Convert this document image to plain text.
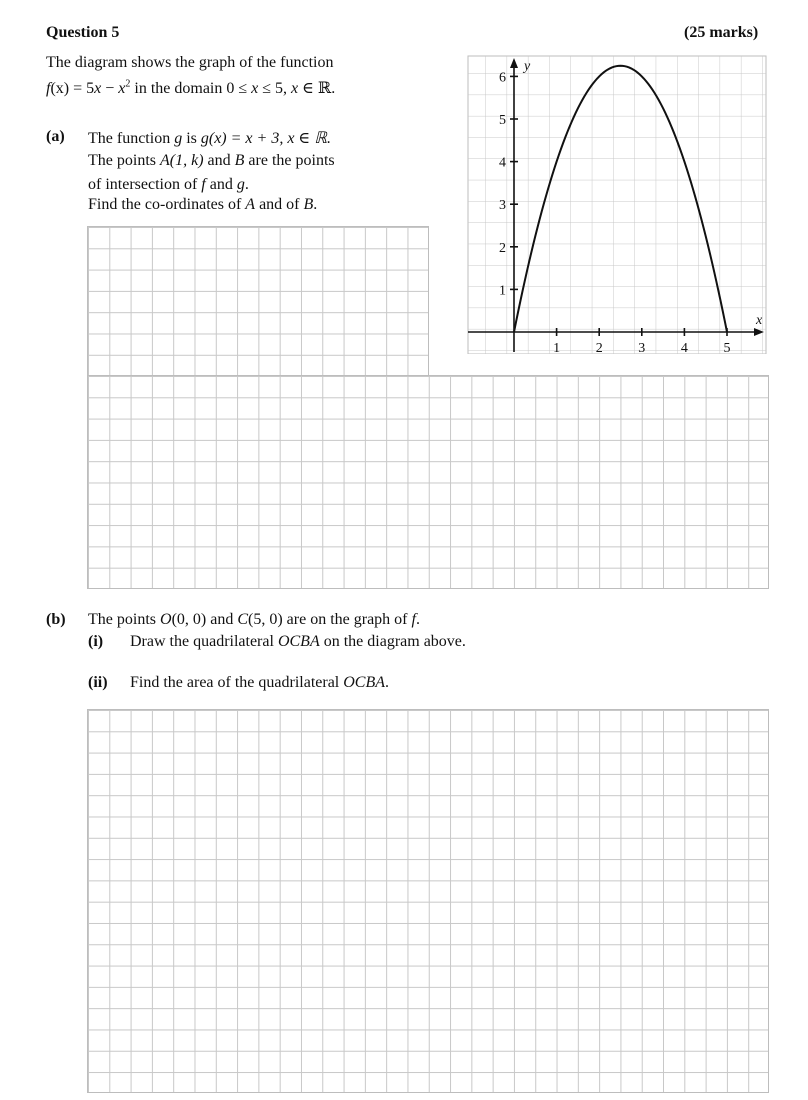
Question 5	(25 marks)
The diagram shows the graph of the function
$f(x) = 5x - x^2$ in the domain 0 ≤ x ≤ 5, x ∈ ℝ.
(a) The function g is g(x) = x + 3, x ∈ ℝ.
The points A(1, k) and B are the points
of intersection of f and g.
Find the co-ordinates of A and of B.
1	2	3	4	5
1
2
3
4
5
6
x
y
(b) The points O(0, 0) and C(5, 0) are on the graph of f.
(i) Draw the quadrilateral OCBA on the diagram above.
(ii) Find the area of the quadrilateral OCBA.
